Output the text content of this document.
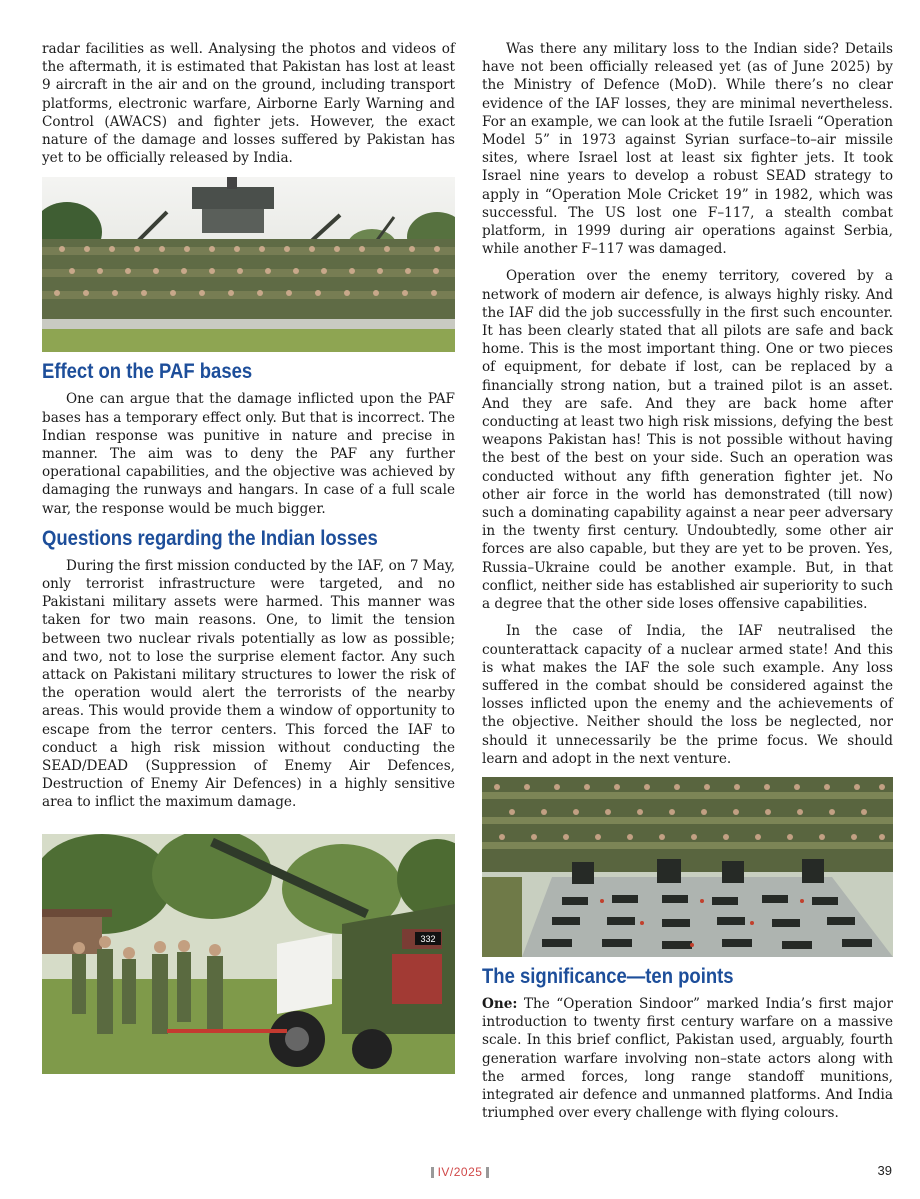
radar facilities as well. Analysing the photos and videos of the aftermath, it is estimated that Pakistan has lost at least 9 aircraft in the air and on the ground, including transport platforms, electronic warfare, Airborne Early Warning and Control (AWACS) and fighter jets. However, the exact nature of the damage and losses suffered by Pakistan has yet to be officially released by India.

Effect on the PAF bases

One can argue that the damage inflicted upon the PAF bases has a temporary effect only. But that is incorrect. The Indian response was punitive in nature and precise in manner. The aim was to deny the PAF any further operational capabilities, and the objective was achieved by damaging the runways and hangars. In case of a full scale war, the response would be much bigger.

Questions regarding the Indian losses

During the first mission conducted by the IAF, on 7 May, only terrorist infrastructure were targeted, and no Pakistani military assets were harmed. This manner was taken for two main reasons. One, to limit the tension between two nuclear rivals potentially as low as possible; and two, not to lose the surprise element factor. Any such attack on Pakistani military structures to lower the risk of the operation would alert the terrorists of the nearby areas. This would provide them a window of opportunity to escape from the terror centers. This forced the IAF to conduct a high risk mission without conducting the SEAD/DEAD (Suppression of Enemy Air Defences, Destruction of Enemy Air Defences) in a highly sensitive area to inflict the maximum damage.

332

Was there any military loss to the Indian side? Details have not been officially released yet (as of June 2025) by the Ministry of Defence (MoD). While there’s no clear evidence of the IAF losses, they are minimal nevertheless. For an example, we can look at the futile Israeli “Operation Model 5” in 1973 against Syrian surface–to–air missile sites, where Israel lost at least six fighter jets. It took Israel nine years to develop a robust SEAD strategy to apply in “Operation Mole Cricket 19” in 1982, which was successful. The US lost one F–117, a stealth combat platform, in 1999 during air operations against Serbia, while another F–117 was damaged.

Operation over the enemy territory, covered by a network of modern air defence, is always highly risky. And the IAF did the job successfully in the first such encounter. It has been clearly stated that all pilots are safe and back home. This is the most important thing. One or two pieces of equipment, for debate if lost, can be replaced by a financially strong nation, but a trained pilot is an asset. And they are safe. And they are back home after conducting at least two high risk missions, defying the best weapons Pakistan has! This is not possible without having the best of the best on your side. Such an operation was conducted without any fifth generation fighter jet. No other air force in the world has demonstrated (till now) such a dominating capability against a near peer adversary in the twenty first century. Undoubtedly, some other air forces are also capable, but they are yet to be proven. Yes, Russia–Ukraine could be another example. But, in that conflict, neither side has established air superiority to such a degree that the other side loses offensive capabilities.

In the case of India, the IAF neutralised the counterattack capacity of a nuclear armed state! And this is what makes the IAF the sole such example. Any loss suffered in the combat should be considered against the losses inflicted upon the enemy and the achievements of the objective. Neither should the loss be neglected, nor should it unnecessarily be the prime focus. We should learn and adopt in the next venture.

The significance—ten points

One: The “Operation Sindoor” marked India’s first major introduction to twenty first century warfare on a massive scale. In this brief conflict, Pakistan used, arguably, fourth generation warfare involving non–state actors along with the armed forces, long range standoff munitions, integrated air defence and unmanned platforms. And India triumphed over every challenge with flying colours.

IV/2025	39
